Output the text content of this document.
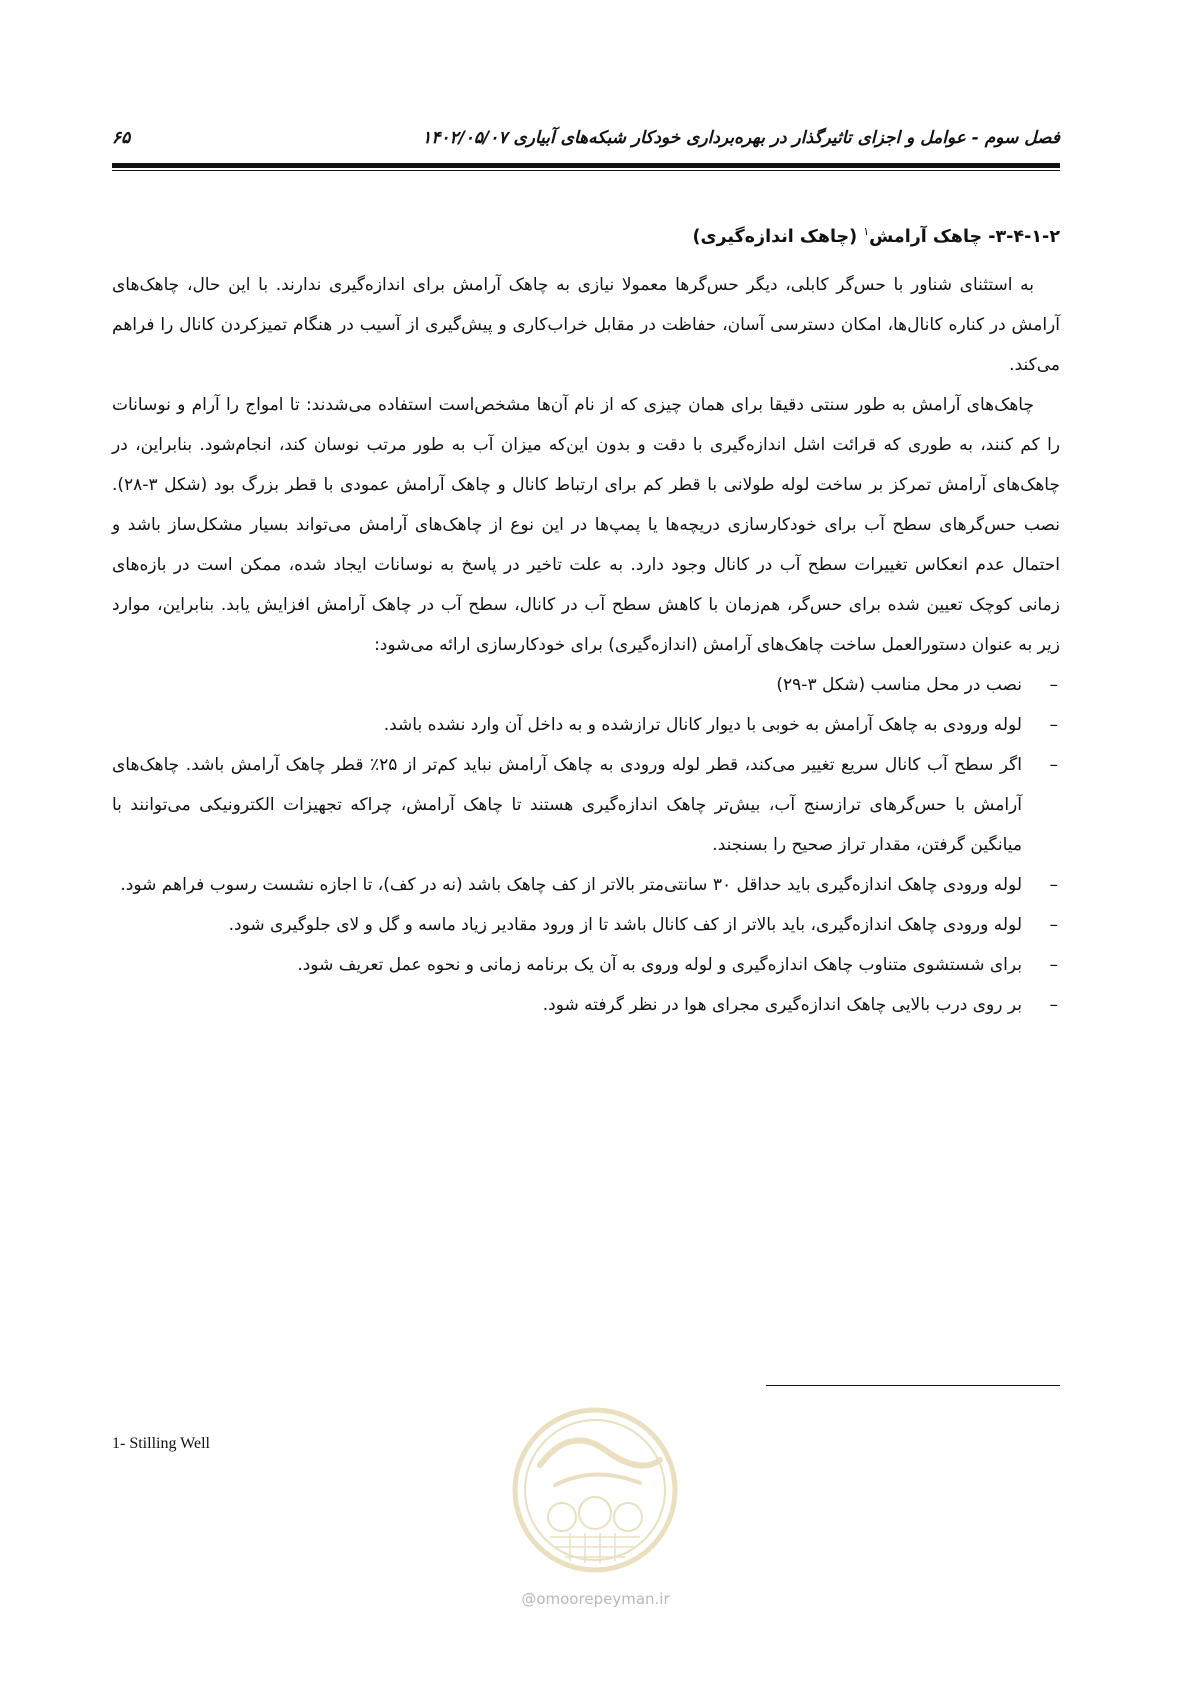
فصل سوم - عوامل و اجزای تاثیرگذار در بهره‌برداری خودکار شبکه‌های آبیاری ۱۴۰۲/۰۵/۰۷
۶۵
۳-۴-۱-۲- چاهک آرامش$^۱$ (چاهک اندازه‌گیری)

به استثنای شناور با حس‌گر کابلی، دیگر حس‌گرها معمولا نیازی به چاهک آرامش برای اندازه‌گیری ندارند. با این حال، چاهک‌های آرامش در کناره کانال‌ها، امکان دسترسی آسان، حفاظت در مقابل خراب‌کاری و پیش‌گیری از آسیب در هنگام تمیزکردن کانال را فراهم می‌کند.

چاهک‌های آرامش به طور سنتی دقیقا برای همان چیزی که از نام آن‌ها مشخص‌است استفاده می‌شدند: تا امواج را آرام و نوسانات را کم کنند، به طوری که قرائت اشل اندازه‌گیری با دقت و بدون این‌که میزان آب به طور مرتب نوسان کند، انجام‌شود. بنابراین، در چاهک‌های آرامش تمرکز بر ساخت لوله طولانی با قطر کم برای ارتباط کانال و چاهک آرامش عمودی با قطر بزرگ بود (شکل ۳-۲۸). نصب حس‌گرهای سطح آب برای خودکارسازی دریچه‌ها یا پمپ‌ها در این نوع از چاهک‌های آرامش می‌تواند بسیار مشکل‌ساز باشد و احتمال عدم انعکاس تغییرات سطح آب در کانال وجود دارد. به علت تاخیر در پاسخ به نوسانات ایجاد شده، ممکن است در بازه‌های زمانی کوچک تعیین شده برای حس‌گر، هم‌زمان با کاهش سطح آب در کانال، سطح آب در چاهک آرامش افزایش یابد. بنابراین، موارد زیر به عنوان دستورالعمل ساخت چاهک‌های آرامش (اندازه‌گیری) برای خودکارسازی ارائه می‌شود:

– نصب در محل مناسب (شکل ۳-۲۹)
– لوله ورودی به چاهک آرامش به خوبی با دیوار کانال ترازشده و به داخل آن وارد نشده باشد.
– اگر سطح آب کانال سریع تغییر می‌کند، قطر لوله ورودی به چاهک آرامش نباید کم‌تر از ۲۵٪ قطر چاهک آرامش باشد. چاهک‌های آرامش با حس‌گرهای ترازسنج آب، بیش‌تر چاهک اندازه‌گیری هستند تا چاهک آرامش، چراکه تجهیزات الکترونیکی می‌توانند با میانگین گرفتن، مقدار تراز صحیح را بسنجند.
– لوله ورودی چاهک اندازه‌گیری باید حداقل ۳۰ سانتی‌متر بالاتر از کف چاهک باشد (نه در کف)، تا اجازه نشست رسوب فراهم شود.
– لوله ورودی چاهک اندازه‌گیری، باید بالاتر از کف کانال باشد تا از ورود مقادیر زیاد ماسه و گل و لای جلوگیری شود.
– برای شستشوی متناوب چاهک اندازه‌گیری و لوله وروی به آن یک برنامه زمانی و نحوه عمل تعریف شود.
– بر روی درب بالایی چاهک اندازه‌گیری مجرای هوا در نظر گرفته شود.
1- Stilling Well
@omoorepeyman.ir
